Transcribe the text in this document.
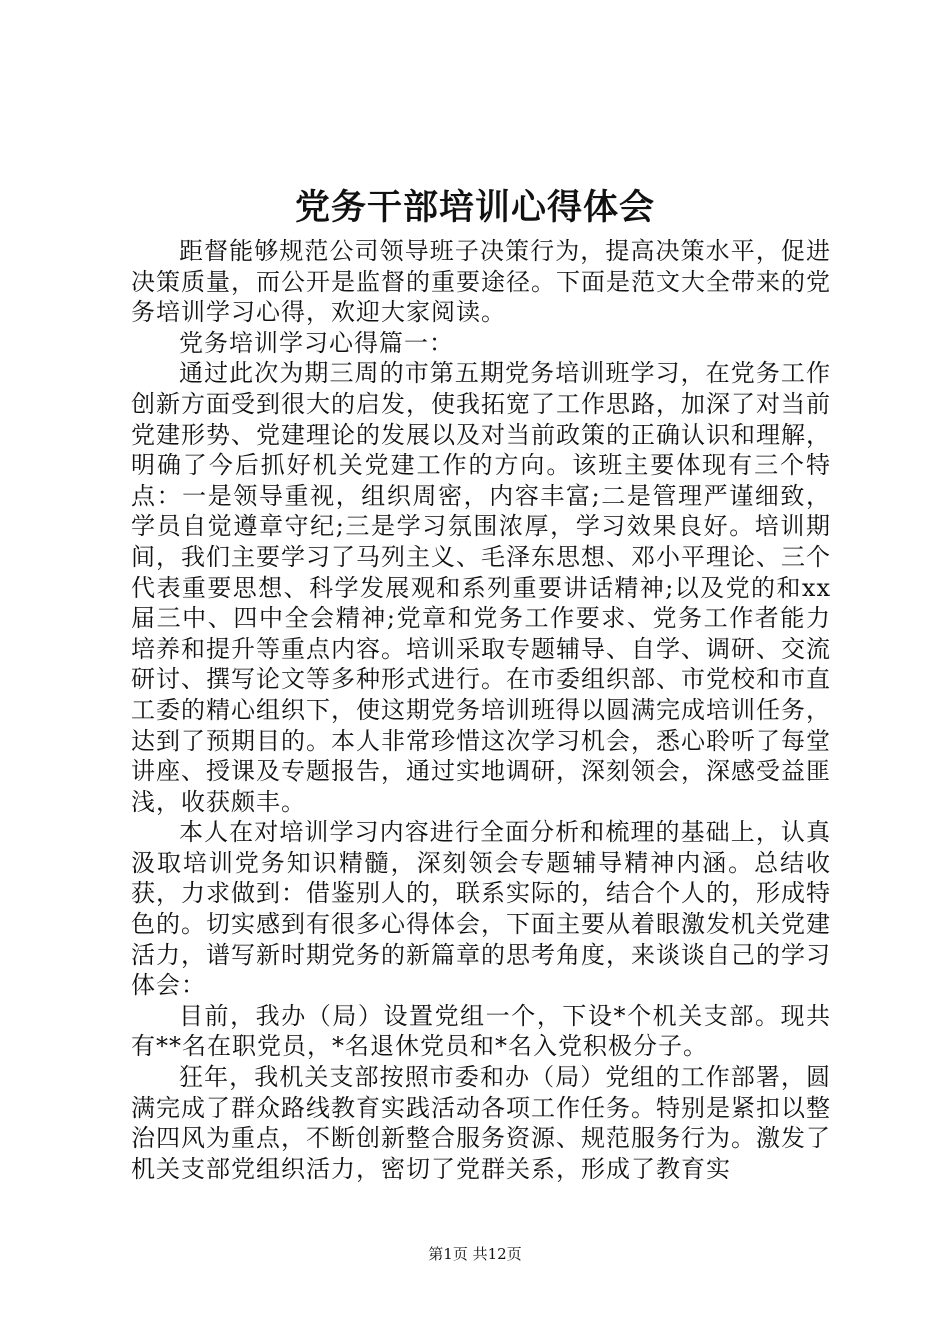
党务干部培训心得体会

距督能够规范公司领导班子决策行为，提高决策水平，促进决策质量，而公开是监督的重要途径。下面是范文大全带来的党务培训学习心得，欢迎大家阅读。

党务培训学习心得篇一：

通过此次为期三周的市第五期党务培训班学习，在党务工作创新方面受到很大的启发，使我拓宽了工作思路，加深了对当前党建形势、党建理论的发展以及对当前政策的正确认识和理解，明确了今后抓好机关党建工作的方向。该班主要体现有三个特点：一是领导重视，组织周密，内容丰富;二是管理严谨细致，学员自觉遵章守纪;三是学习氛围浓厚，学习效果良好。培训期间，我们主要学习了马列主义、毛泽东思想、邓小平理论、三个代表重要思想、科学发展观和系列重要讲话精神;以及党的和xx届三中、四中全会精神;党章和党务工作要求、党务工作者能力培养和提升等重点内容。培训采取专题辅导、自学、调研、交流研讨、撰写论文等多种形式进行。在市委组织部、市党校和市直工委的精心组织下，使这期党务培训班得以圆满完成培训任务，达到了预期目的。本人非常珍惜这次学习机会，悉心聆听了每堂讲座、授课及专题报告，通过实地调研，深刻领会，深感受益匪浅，收获颇丰。

本人在对培训学习内容进行全面分析和梳理的基础上，认真汲取培训党务知识精髓，深刻领会专题辅导精神内涵。总结收获，力求做到：借鉴别人的，联系实际的，结合个人的，形成特色的。切实感到有很多心得体会，下面主要从着眼激发机关党建活力，谱写新时期党务的新篇章的思考角度，来谈谈自己的学习体会：

目前，我办（局）设置党组一个，下设*个机关支部。现共有**名在职党员，*名退休党员和*名入党积极分子。

狂年，我机关支部按照市委和办（局）党组的工作部署，圆满完成了群众路线教育实践活动各项工作任务。特别是紧扣以整治四风为重点，不断创新整合服务资源、规范服务行为。激发了机关支部党组织活力，密切了党群关系，形成了教育实

第1页 共12页
